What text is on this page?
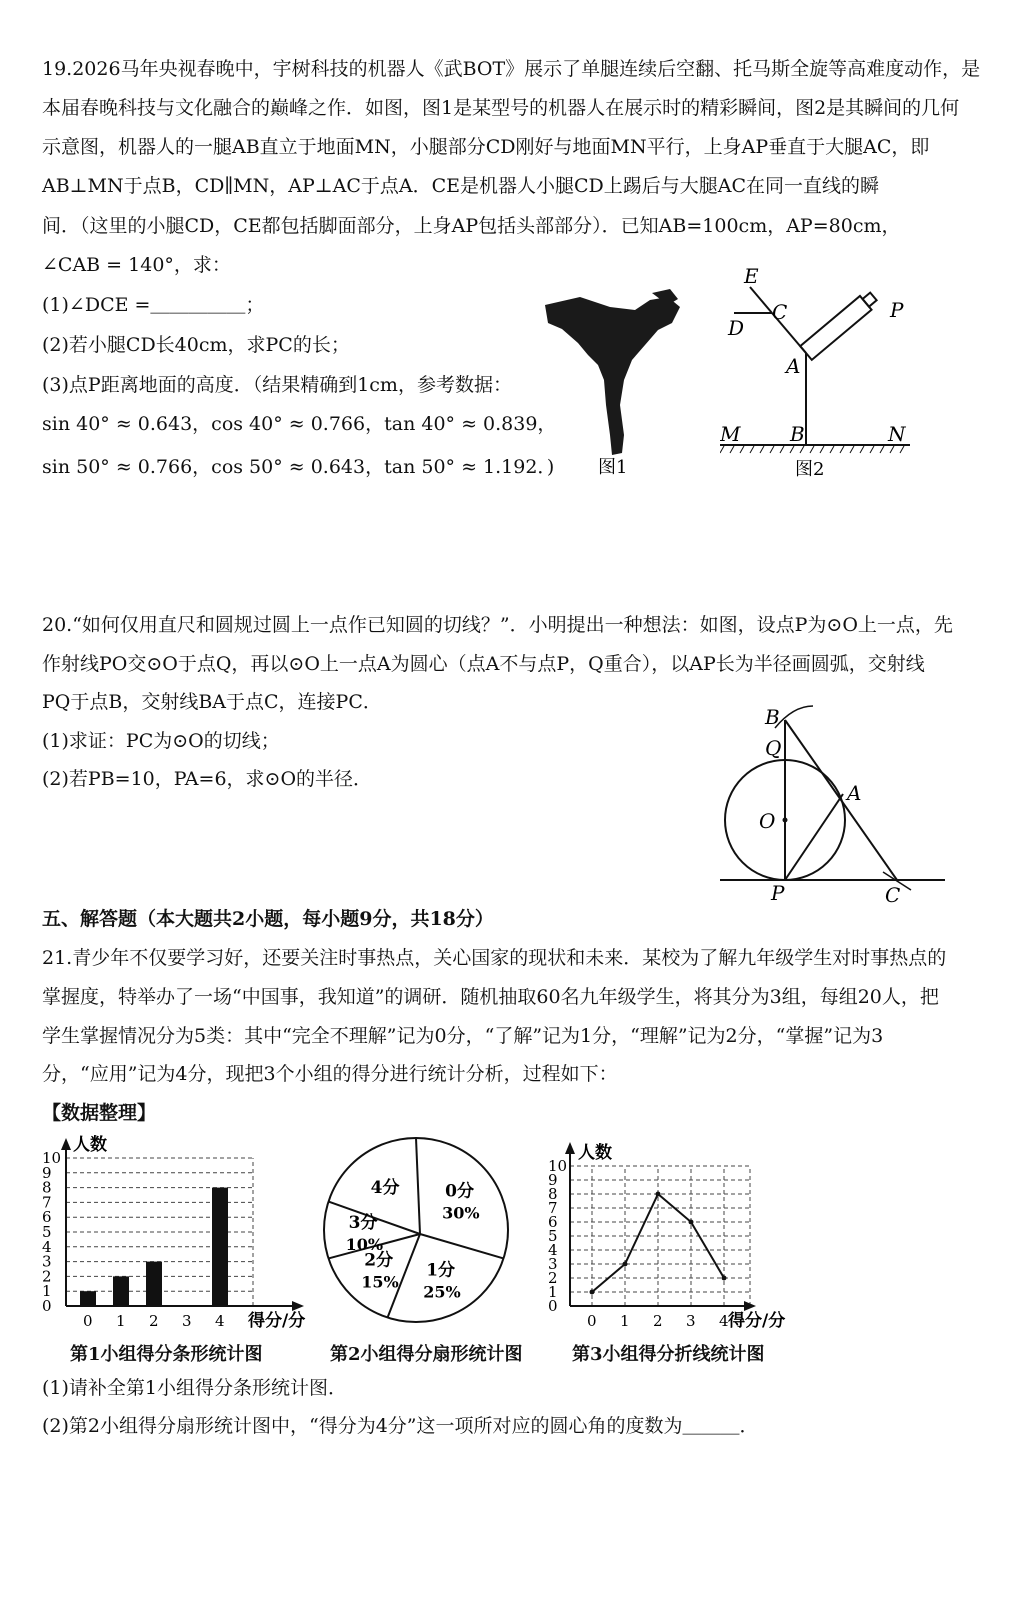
19.2026马年央视春晚中，宇树科技的机器人《武BOT》展示了单腿连续后空翻、托马斯全旋等高难度动作，是
本届春晚科技与文化融合的巅峰之作．如图，图1是某型号的机器人在展示时的精彩瞬间，图2是其瞬间的几何
示意图，机器人的一腿AB直立于地面MN，小腿部分CD刚好与地面MN平行，上身AP垂直于大腿AC，即
AB⊥MN于点B，CD∥MN，AP⊥AC于点A．CE是机器人小腿CD上踢后与大腿AC在同一直线的瞬
间．（这里的小腿CD，CE都包括脚面部分，上身AP包括头部部分）．已知AB=100cm，AP=80cm，
∠CAB = 140°，求：
(1)∠DCE =＿＿＿＿＿；
(2)若小腿CD长40cm，求PC的长；
(3)点P距离地面的高度．（结果精确到1cm，参考数据：
sin 40° ≈ 0.643，cos 40° ≈ 0.766，tan 40° ≈ 0.839，
sin 50° ≈ 0.766，cos 50° ≈ 0.643，tan 50° ≈ 1.192．) 图1
E
C
D
P
A
M B	N
图2
20.“如何仅用直尺和圆规过圆上一点作已知圆的切线？”．小明提出一种想法：如图，设点P为⊙O上一点，先
作射线PO交⊙O于点Q，再以⊙O上一点A为圆心（点A不与点P，Q重合），以AP长为半径画圆弧，交射线
PQ于点B，交射线BA于点C，连接PC．
(1)求证：PC为⊙O的切线；
(2)若PB=10，PA=6，求⊙O的半径．
B
Q
O
A
P	C
五、解答题（本大题共2小题，每小题9分，共18分）
21.青少年不仅要学习好，还要关注时事热点，关心国家的现状和未来．某校为了解九年级学生对时事热点的
掌握度，特举办了一场“中国事，我知道”的调研．随机抽取60名九年级学生，将其分为3组，每组20人，把
学生掌握情况分为5类：其中“完全不理解”记为0分，“了解”记为1分，“理解”记为2分，“掌握”记为3
分，“应用”记为4分，现把3个小组的得分进行统计分析，过程如下：
【数据整理】
0
1
2
3
4
5
6
7
8
9
10
0 1 2 3 4
人数
得分/分
第1小组得分条形统计图
0分
30%
1分
25%
2分
15%
3分
10%
4分
第2小组得分扇形统计图
0
1
2
3
4
5
6
7
8
9
10
0 1 2 3 4
人数
得分/分
第3小组得分折线统计图
(1)请补全第1小组得分条形统计图．
(2)第2小组得分扇形统计图中，“得分为4分”这一项所对应的圆心角的度数为＿＿＿．
